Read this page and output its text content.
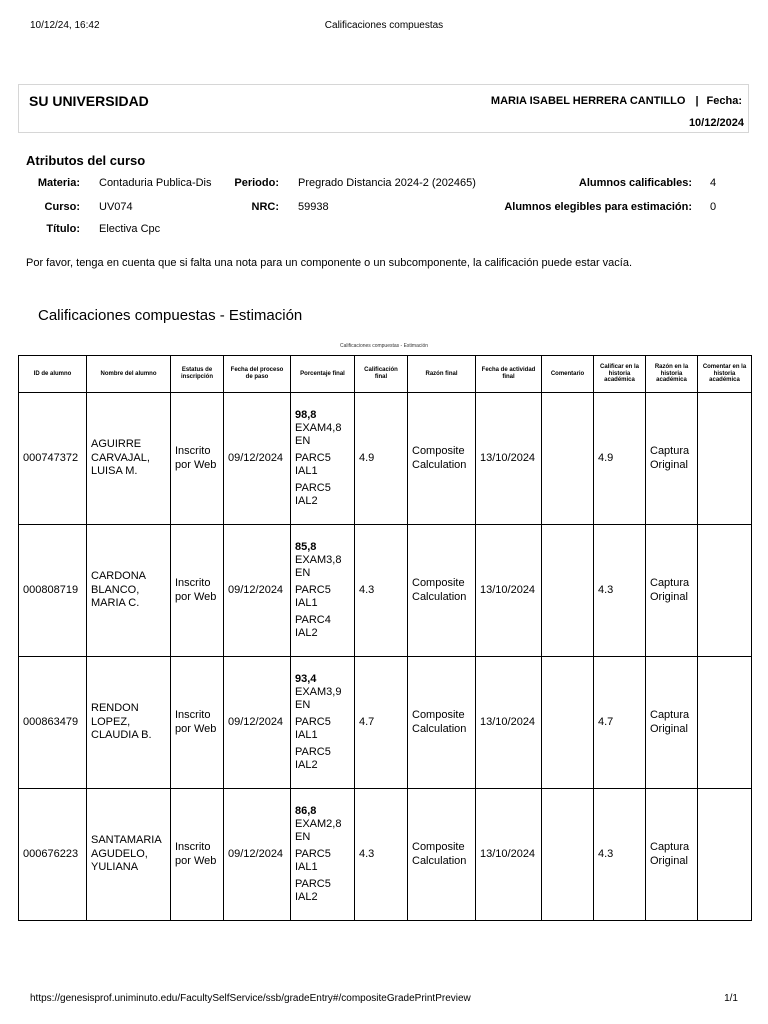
10/12/24, 16:42	Calificaciones compuestas
SU UNIVERSIDAD	MARIA ISABEL HERRERA CANTILLO | Fecha:
10/12/2024
Atributos del curso
Materia: Contaduria Publica-Dis
Curso: UV074
Título: Electiva Cpc
Periodo: Pregrado Distancia 2024-2 (202465)
NRC: 59938
Alumnos calificables: 4
Alumnos elegibles para estimación: 0
Por favor, tenga en cuenta que si falta una nota para un componente o un subcomponente, la calificación puede estar vacía.
Calificaciones compuestas - Estimación
Calificaciones compuestas - Estimación
ID de alumno	Nombre del alumno	Estatus de inscripción	Fecha del proceso de paso	Porcentaje final	Calificación final	Razón final	Fecha de actividad final	Comentario	Calificar en la historia académica	Razón en la historia académica	Comentar en la historia académica
000747372	AGUIRRE CARVAJAL, LUISA M.	Inscrito por Web	09/12/2024	98,8
EXAM4,8 EN
PARC5 IAL1
PARC5 IAL2	4.9	Composite Calculation	13/10/2024		4.9	Captura Original	
000808719	CARDONA BLANCO, MARIA C.	Inscrito por Web	09/12/2024	85,8
EXAM3,8 EN
PARC5 IAL1
PARC4 IAL2	4.3	Composite Calculation	13/10/2024		4.3	Captura Original	
000863479	RENDON LOPEZ, CLAUDIA B.	Inscrito por Web	09/12/2024	93,4
EXAM3,9 EN
PARC5 IAL1
PARC5 IAL2	4.7	Composite Calculation	13/10/2024		4.7	Captura Original	
000676223	SANTAMARIA AGUDELO, YULIANA	Inscrito por Web	09/12/2024	86,8
EXAM2,8 EN
PARC5 IAL1
PARC5 IAL2	4.3	Composite Calculation	13/10/2024		4.3	Captura Original	
https://genesisprof.uniminuto.edu/FacultySelfService/ssb/gradeEntry#/compositeGradePrintPreview	1/1
